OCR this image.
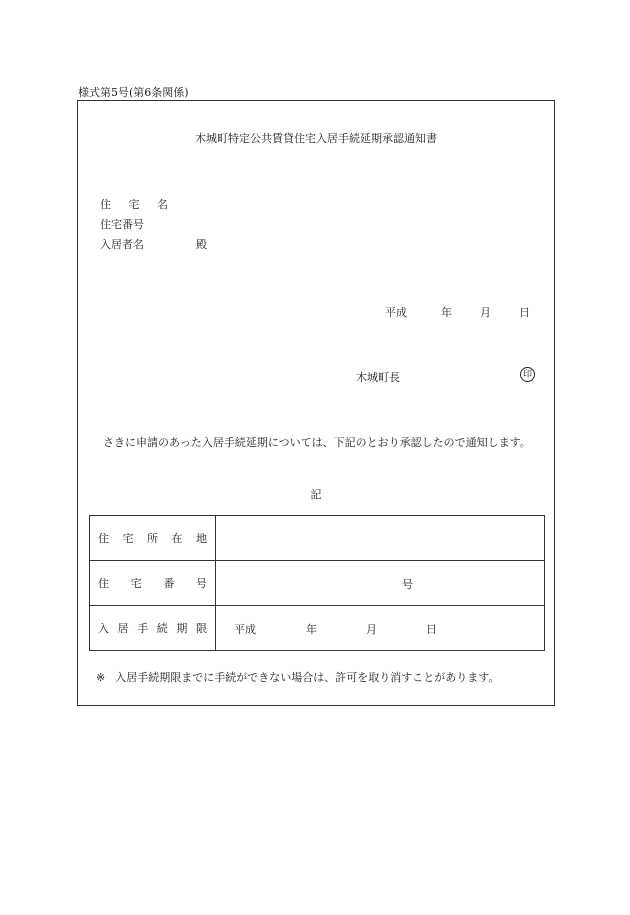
様式第5号(第6条関係)
木城町特定公共賃貸住宅入居手続延期承認通知書
住 宅 名
住宅番号
入居者名	殿
平成	年	月	日
木城町長	印
さきに申請のあった入居手続延期については、下記のとおり承認したので通知します。
記
住宅所在地	
住宅番号	号

入居手続期限	平成 年 月 日
※ 入居手続期限までに手続ができない場合は、許可を取り消すことがあります。
